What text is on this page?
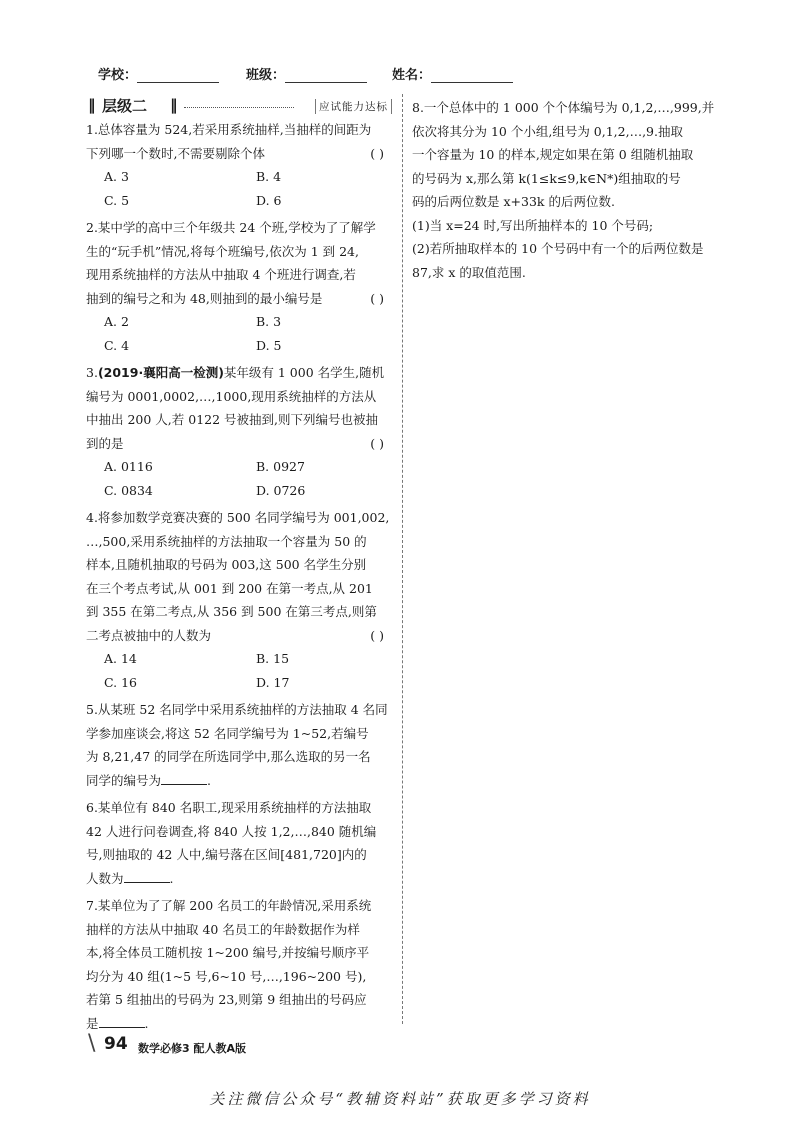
学校：	班级：	姓名：
‖ 层级二 ‖	应试能力达标
1.总体容量为 524,若采用系统抽样,当抽样的间距为
下列哪一个数时,不需要剔除个体	( )
A. 3	B. 4
C. 5	D. 6
2.某中学的高中三个年级共 24 个班,学校为了了解学
生的“玩手机”情况,将每个班编号,依次为 1 到 24,
现用系统抽样的方法从中抽取 4 个班进行调查,若
抽到的编号之和为 48,则抽到的最小编号是	( )
A. 2	B. 3
C. 4	D. 5
3.(2019·襄阳高一检测)某年级有 1 000 名学生,随机
编号为 0001,0002,…,1000,现用系统抽样的方法从
中抽出 200 人,若 0122 号被抽到,则下列编号也被抽
到的是	( )
A. 0116	B. 0927
C. 0834	D. 0726
4.将参加数学竞赛决赛的 500 名同学编号为 001,002,
…,500,采用系统抽样的方法抽取一个容量为 50 的
样本,且随机抽取的号码为 003,这 500 名学生分别
在三个考点考试,从 001 到 200 在第一考点,从 201
到 355 在第二考点,从 356 到 500 在第三考点,则第
二考点被抽中的人数为	( )
A. 14	B. 15
C. 16	D. 17
5.从某班 52 名同学中采用系统抽样的方法抽取 4 名同
学参加座谈会,将这 52 名同学编号为 1~52,若编号
为 8,21,47 的同学在所选同学中,那么选取的另一名
同学的编号为	.
6.某单位有 840 名职工,现采用系统抽样的方法抽取
42 人进行问卷调查,将 840 人按 1,2,…,840 随机编
号,则抽取的 42 人中,编号落在区间[481,720]内的
人数为	.
7.某单位为了了解 200 名员工的年龄情况,采用系统
抽样的方法从中抽取 40 名员工的年龄数据作为样
本,将全体员工随机按 1~200 编号,并按编号顺序平
均分为 40 组(1~5 号,6~10 号,…,196~200 号),
若第 5 组抽出的号码为 23,则第 9 组抽出的号码应
是	.
8.一个总体中的 1 000 个个体编号为 0,1,2,…,999,并
依次将其分为 10 个小组,组号为 0,1,2,…,9.抽取
一个容量为 10 的样本,规定如果在第 0 组随机抽取
的号码为 x,那么第 k(1≤k≤9,k∈N*)组抽取的号
码的后两位数是 x+33k 的后两位数.
(1)当 x=24 时,写出所抽样本的 10 个号码;
(2)若所抽取样本的 10 个号码中有一个的后两位数是
87,求 x 的取值范围.
\ 94 数学必修3 配人教A版
关注微信公众号“教辅资料站”获取更多学习资料
